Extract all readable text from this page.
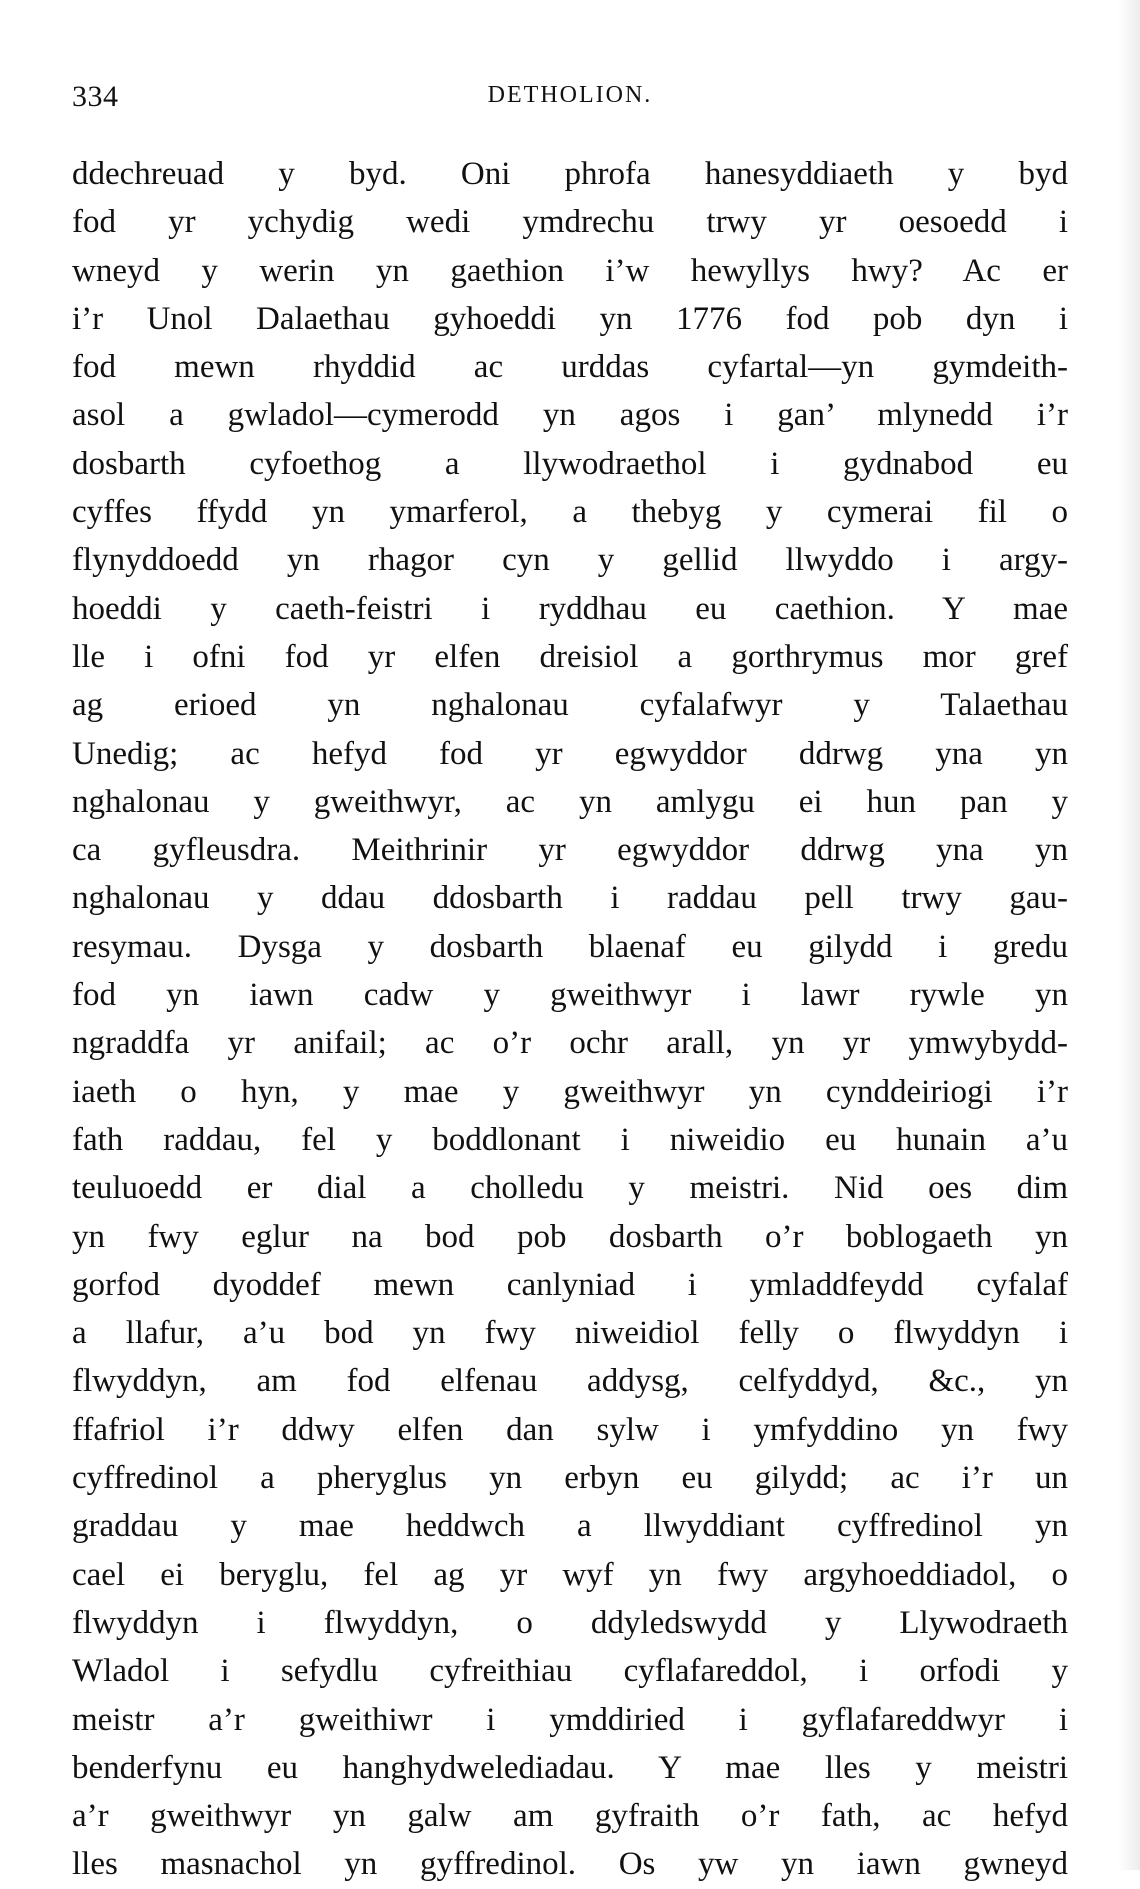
334	DETHOLION.
ddechreuad y byd. Oni phrofa hanesyddiaeth y byd
fod yr ychydig wedi ymdrechu trwy yr oesoedd i
wneyd y werin yn gaethion i’w hewyllys hwy? Ac er
i’r Unol Dalaethau gyhoeddi yn 1776 fod pob dyn i
fod mewn rhyddid ac urddas cyfartal—yn gymdeith-
asol a gwladol—cymerodd yn agos i gan’ mlynedd i’r
dosbarth cyfoethog a llywodraethol i gydnabod eu
cyffes ffydd yn ymarferol, a thebyg y cymerai fil o
flynyddoedd yn rhagor cyn y gellid llwyddo i argy-
hoeddi y caeth-feistri i ryddhau eu caethion. Y mae
lle i ofni fod yr elfen dreisiol a gorthrymus mor gref
ag erioed yn nghalonau cyfalafwyr y Talaethau
Unedig; ac hefyd fod yr egwyddor ddrwg yna yn
nghalonau y gweithwyr, ac yn amlygu ei hun pan y
ca gyfleusdra. Meithrinir yr egwyddor ddrwg yna yn
nghalonau y ddau ddosbarth i raddau pell trwy gau-
resymau. Dysga y dosbarth blaenaf eu gilydd i gredu
fod yn iawn cadw y gweithwyr i lawr rywle yn
ngraddfa yr anifail; ac o’r ochr arall, yn yr ymwybydd-
iaeth o hyn, y mae y gweithwyr yn cynddeiriogi i’r
fath raddau, fel y boddlonant i niweidio eu hunain a’u
teuluoedd er dial a cholledu y meistri. Nid oes dim
yn fwy eglur na bod pob dosbarth o’r boblogaeth yn
gorfod dyoddef mewn canlyniad i ymladdfeydd cyfalaf
a llafur, a’u bod yn fwy niweidiol felly o flwyddyn i
flwyddyn, am fod elfenau addysg, celfyddyd, &c., yn
ffafriol i’r ddwy elfen dan sylw i ymfyddino yn fwy
cyffredinol a pheryglus yn erbyn eu gilydd; ac i’r un
graddau y mae heddwch a llwyddiant cyffredinol yn
cael ei beryglu, fel ag yr wyf yn fwy argyhoeddiadol, o
flwyddyn i flwyddyn, o ddyledswydd y Llywodraeth
Wladol i sefydlu cyfreithiau cyflafareddol, i orfodi y
meistr a’r gweithiwr i ymddiried i gyflafareddwyr i
benderfynu eu hanghydwelediadau. Y mae lles y meistri
a’r gweithwyr yn galw am gyfraith o’r fath, ac hefyd
lles masnachol yn gyffredinol. Os yw yn iawn gwneyd
